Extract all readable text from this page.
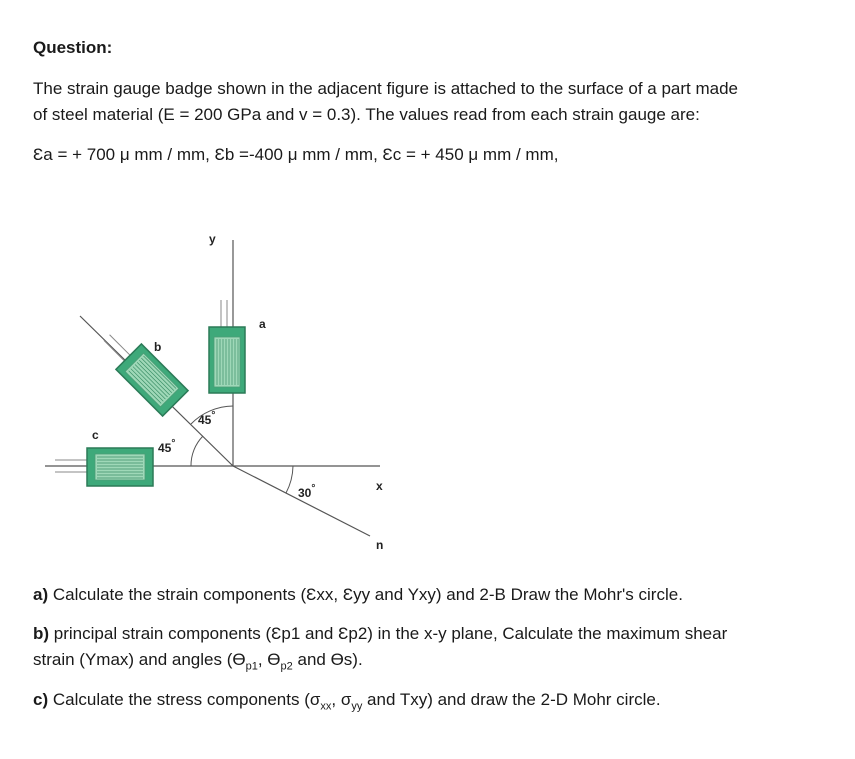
Question:
The strain gauge badge shown in the adjacent figure is attached to the surface of a part made
of steel material (E = 200 GPa and v = 0.3). The values read from each strain gauge are:
Ɛa = + 700 μ mm / mm, Ɛb =-400 μ mm / mm, Ɛc = + 450 μ mm / mm,
y
a
b
c
x
n
45°
45°
30°
a) Calculate the strain components (Ɛxx, Ɛyy and Yxy) and 2-B Draw the Mohr's circle.
b) principal strain components (Ɛp1 and Ɛp2) in the x-y plane, Calculate the maximum shear
strain (Ymax) and angles ($Ɵ_{p1}$, $Ɵ_{p2}$ and Ɵs).
c) Calculate the stress components ($\sigma_{xx}$, $\sigma_{yy}$ and Txy) and draw the 2-D Mohr circle.
